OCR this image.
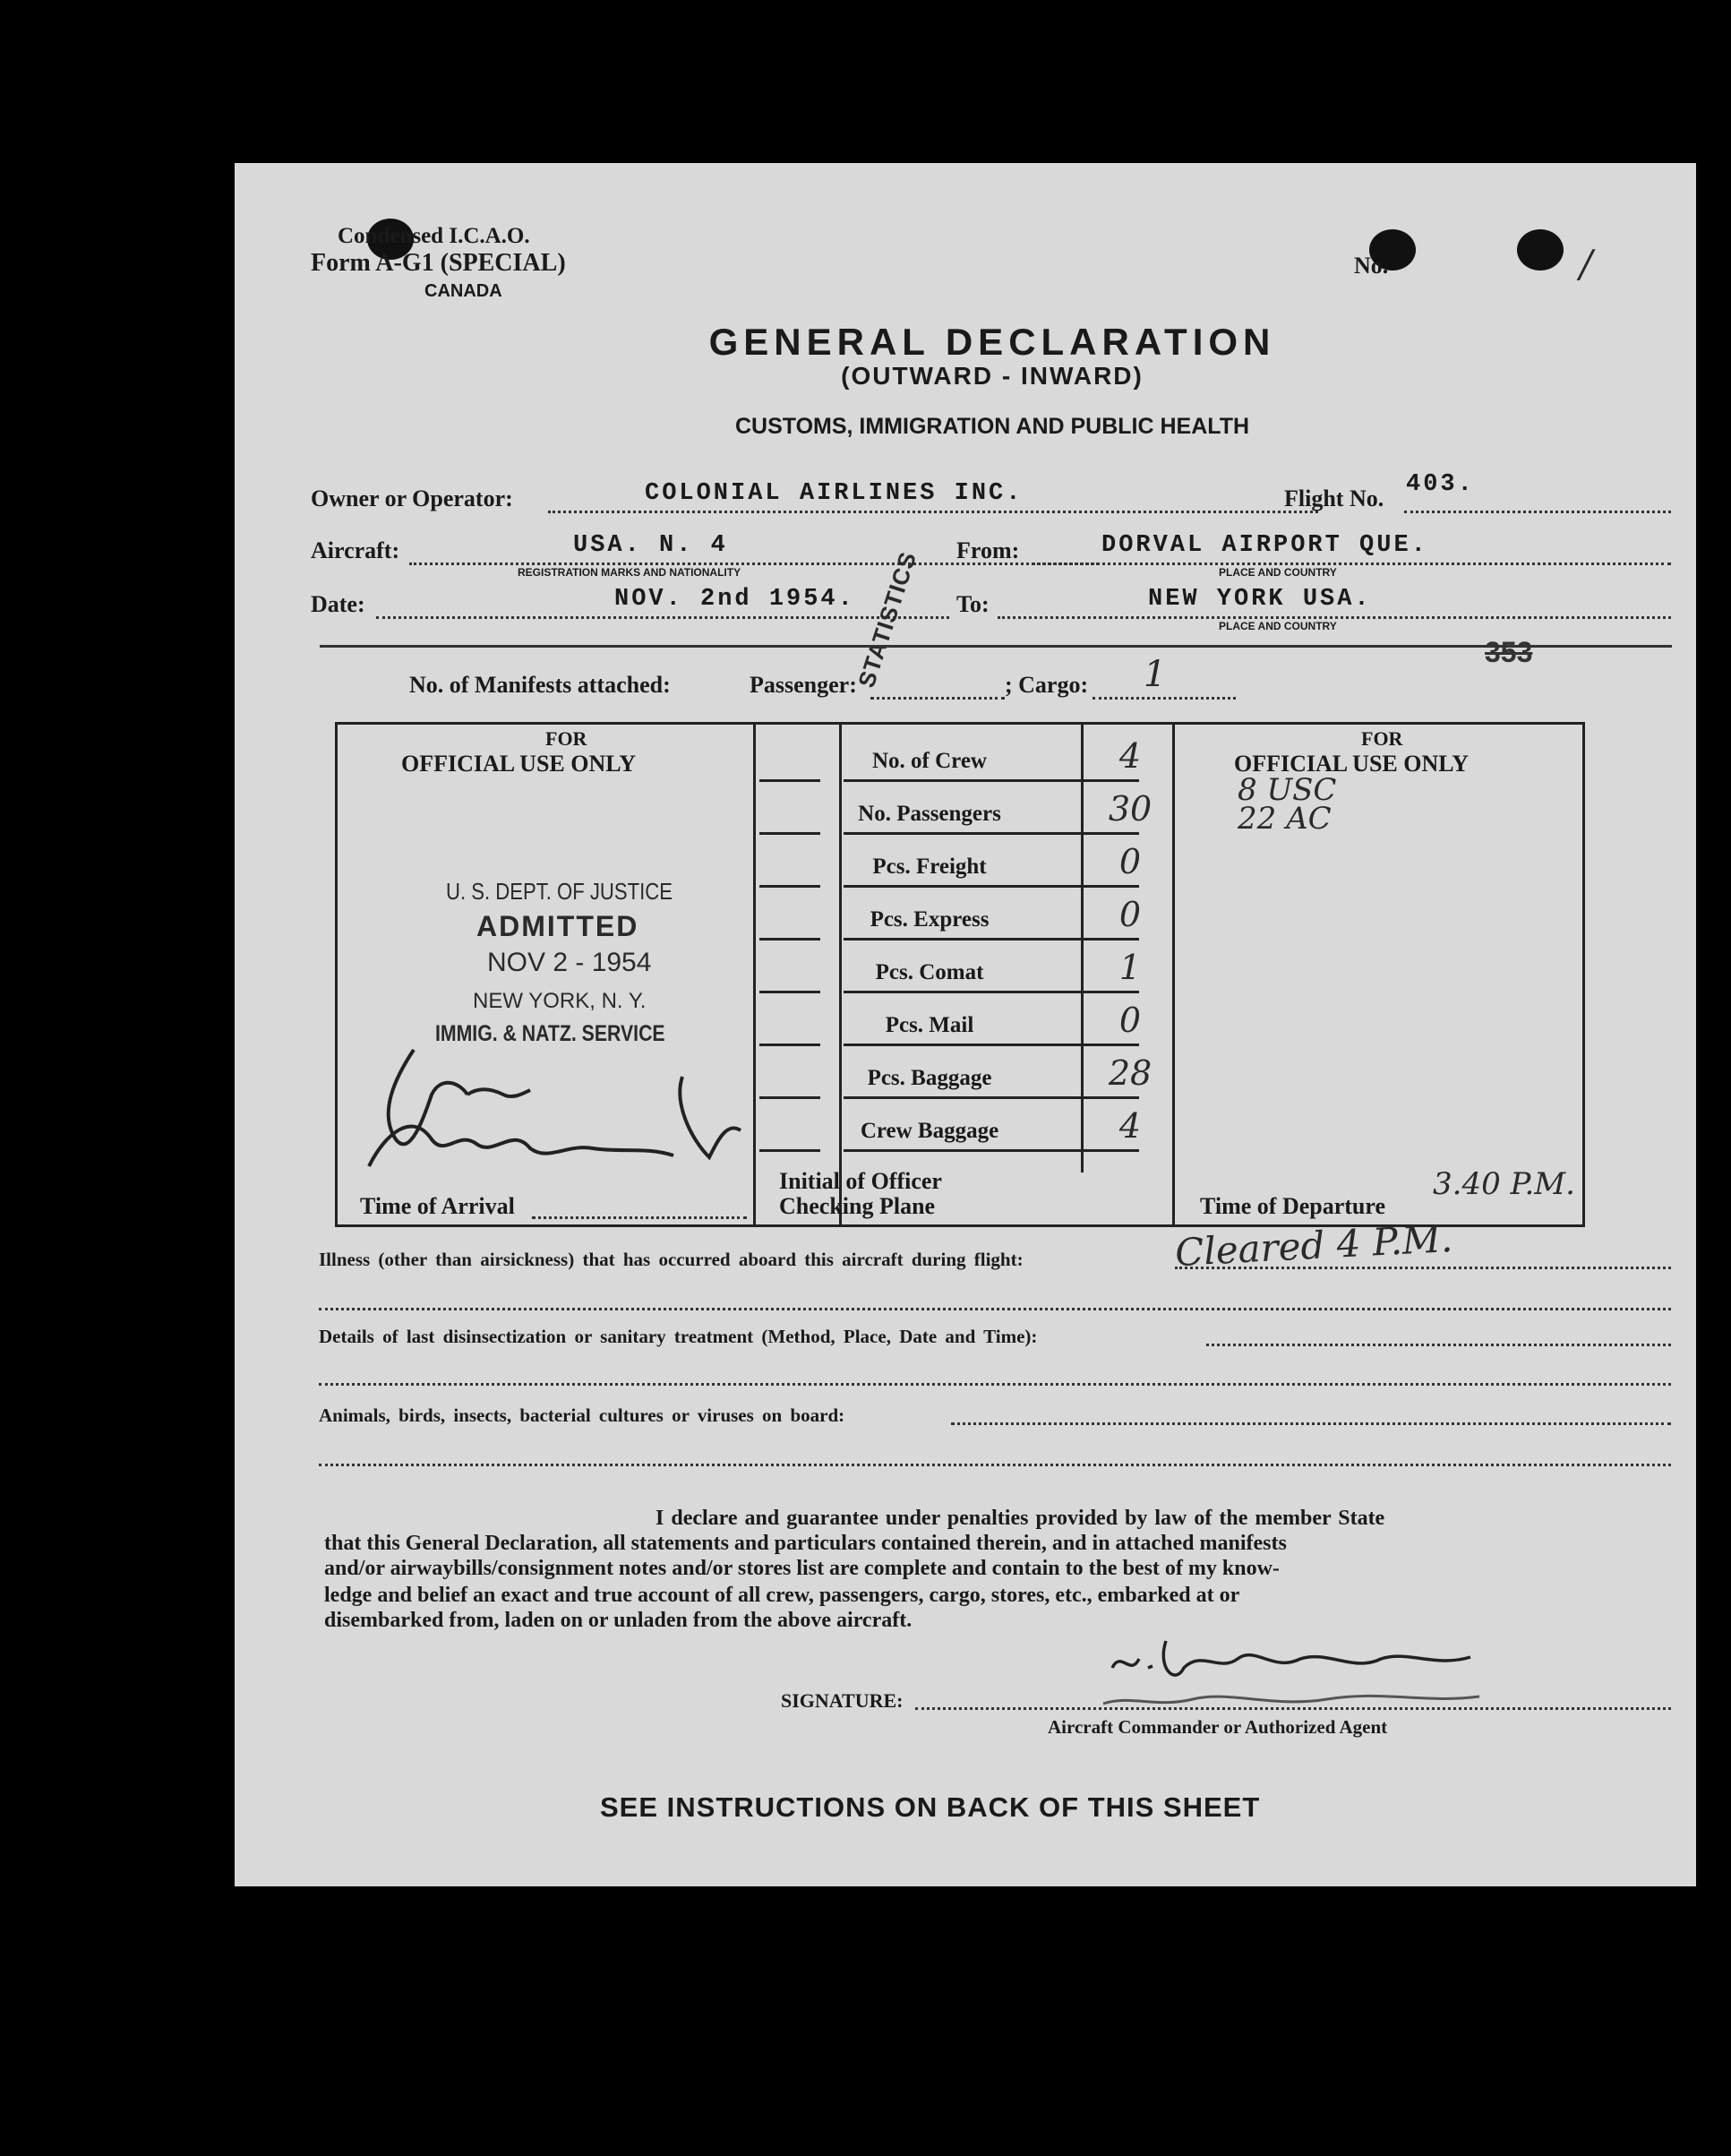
Condensed I.C.A.O.
Form A-G1 (SPECIAL)
CANADA
No.	/
GENERAL DECLARATION
(OUTWARD - INWARD)
CUSTOMS, IMMIGRATION AND PUBLIC HEALTH
Owner or Operator:	COLONIAL AIRLINES INC.	Flight No.
403.
Aircraft:	USA. N. 4
REGISTRATION MARKS AND NATIONALITY
From:	DORVAL AIRPORT QUE.
PLACE AND COUNTRY
Date:	NOV. 2nd 1954.	To:	NEW YORK USA.
PLACE AND COUNTRY
STATISTICS	353
No. of Manifests attached:	Passenger:	; Cargo: 1
FOR
OFFICIAL USE ONLY
FOR
OFFICIAL USE ONLY
8 USC
22 AC
No. of Crew	4
No. Passengers	30
Pcs. Freight	0
Pcs. Express	0
Pcs. Comat	1
Pcs. Mail	0
Pcs. Baggage	28
Crew Baggage	4
Time of Arrival
Initial of Officer
Checking Plane	Time of Departure
3.40 P.M.
U. S. DEPT. OF JUSTICE
ADMITTED
NOV 2 - 1954
NEW YORK, N. Y.
IMMIG. & NATZ. SERVICE
Cleared 4 P.M.
Illness (other than airsickness) that has occurred aboard this aircraft during flight:
Details of last disinsectization or sanitary treatment (Method, Place, Date and Time):
Animals, birds, insects, bacterial cultures or viruses on board:
I declare and guarantee under penalties provided by law of the member State
that this General Declaration, all statements and particulars contained therein, and in attached manifests
and/or airwaybills/consignment notes and/or stores list are complete and contain to the best of my know-
ledge and belief an exact and true account of all crew, passengers, cargo, stores, etc., embarked at or
disembarked from, laden on or unladen from the above aircraft.
SIGNATURE:
Aircraft Commander or Authorized Agent
SEE INSTRUCTIONS ON BACK OF THIS SHEET
